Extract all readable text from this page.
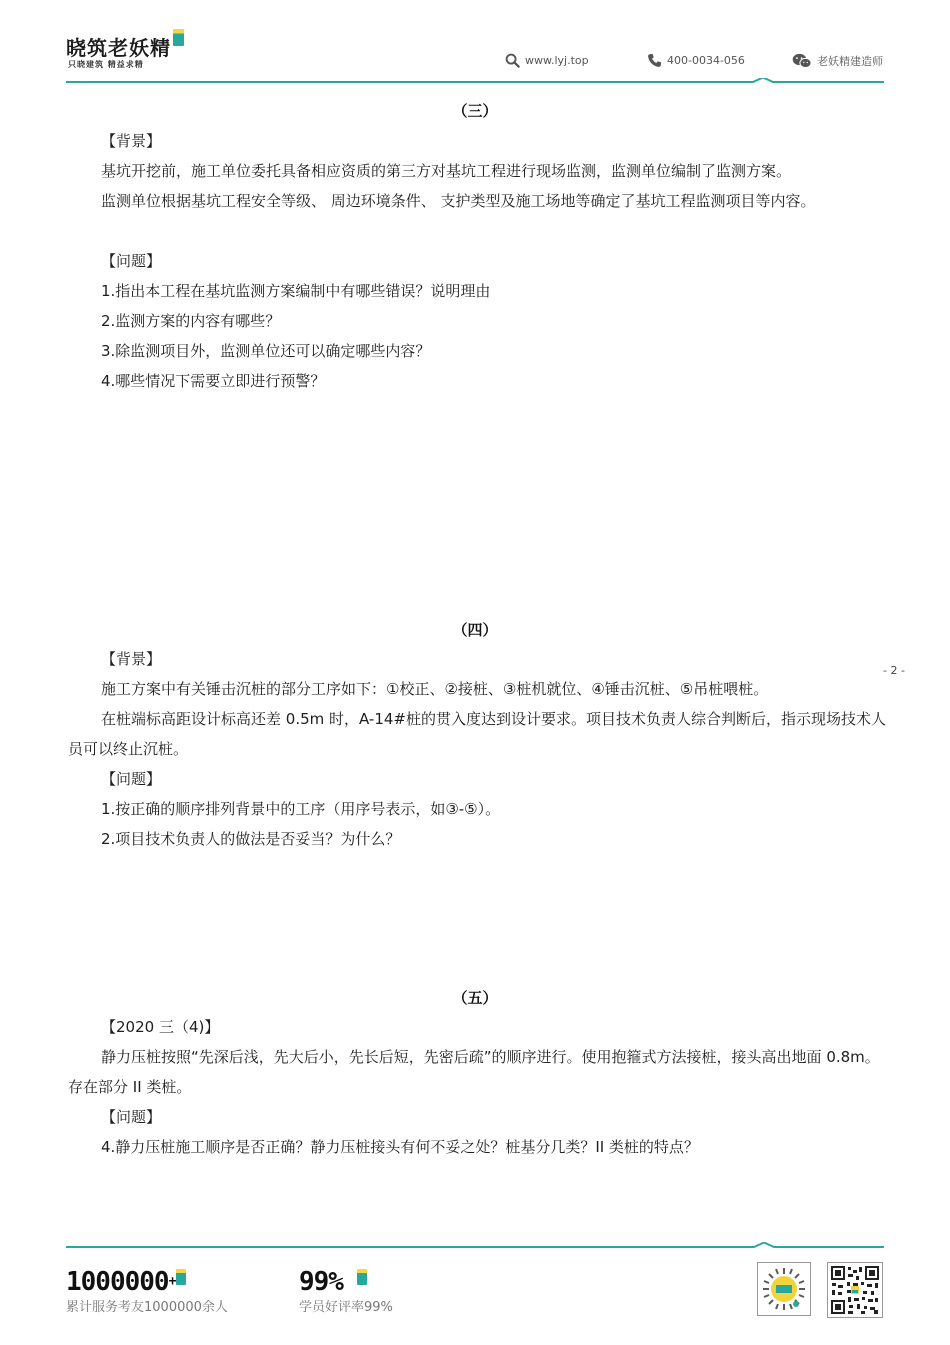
晓筑老妖精
只晓建筑 精益求精	www.lyj.top	400-0034-056	老妖精建造师
（三）
【背景】
基坑开挖前，施工单位委托具备相应资质的第三方对基坑工程进行现场监测，监测单位编制了监测方案。
监测单位根据基坑工程安全等级、 周边环境条件、 支护类型及施工场地等确定了基坑工程监测项目等内容。
【问题】
1.指出本工程在基坑监测方案编制中有哪些错误？说明理由
2.监测方案的内容有哪些？
3.除监测项目外，监测单位还可以确定哪些内容？
4.哪些情况下需要立即进行预警？
（四）
【背景】
施工方案中有关锤击沉桩的部分工序如下：①校正、②接桩、③桩机就位、④锤击沉桩、⑤吊桩喂桩。
在桩端标高距设计标高还差 0.5m 时，A-14#桩的贯入度达到设计要求。项目技术负责人综合判断后，指示现场技术人员可以终止沉桩。
【问题】
1.按正确的顺序排列背景中的工序（用序号表示，如③-⑤）。
2.项目技术负责人的做法是否妥当？为什么？
- 2 -
（五）
【2020 三（4)】
静力压桩按照“先深后浅，先大后小，先长后短，先密后疏”的顺序进行。使用抱箍式方法接桩，接头高出地面 0.8m。存在部分 II 类桩。
【问题】
4.静力压桩施工顺序是否正确？静力压桩接头有何不妥之处？桩基分几类？II 类桩的特点？
1000000+
累计服务考友1000000余人
99%
学员好评率99%
